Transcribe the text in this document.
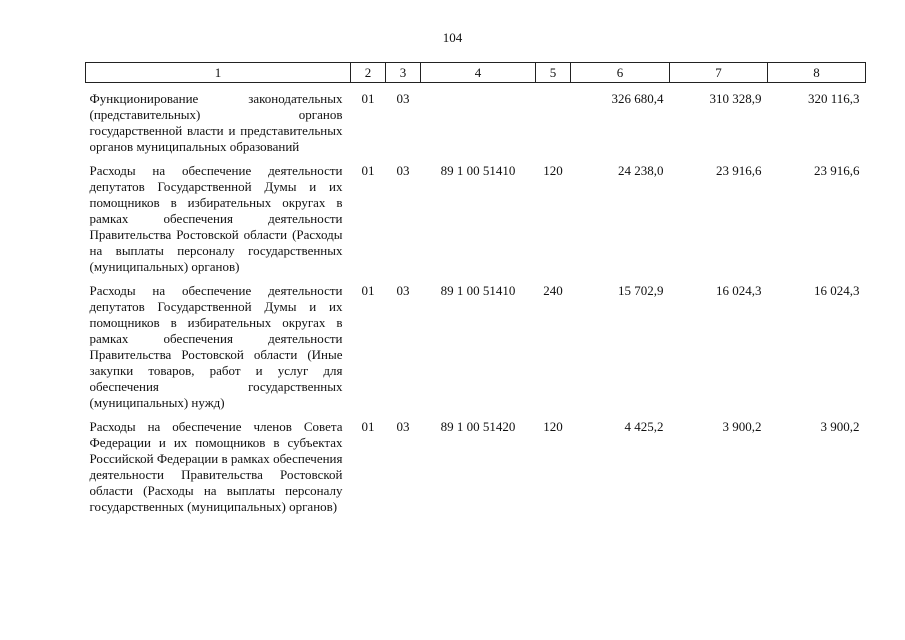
104
1	2	3	4	5	6	7	8
Функционирование законодательных (представительных) органов государственной власти и представительных органов муниципальных образований	01	03			326 680,4	310 328,9	320 116,3
Расходы на обеспечение деятельности депутатов Государственной Думы и их помощников в избирательных округах в рамках обеспечения деятельности Правительства Ростовской области (Расходы на выплаты персоналу государственных (муниципальных) органов)	01	03	89 1 00 51410	120	24 238,0	23 916,6	23 916,6
Расходы на обеспечение деятельности депутатов Государственной Думы и их помощников в избирательных округах в рамках обеспечения деятельности Правительства Ростовской области (Иные закупки товаров, работ и услуг для обеспечения государственных (муниципальных) нужд)	01	03	89 1 00 51410	240	15 702,9	16 024,3	16 024,3
Расходы на обеспечение членов Совета Федерации и их помощников в субъектах Российской Федерации в рамках обеспечения деятельности Правительства Ростовской области (Расходы на выплаты персоналу государственных (муниципальных) органов)	01	03	89 1 00 51420	120	4 425,2	3 900,2	3 900,2
